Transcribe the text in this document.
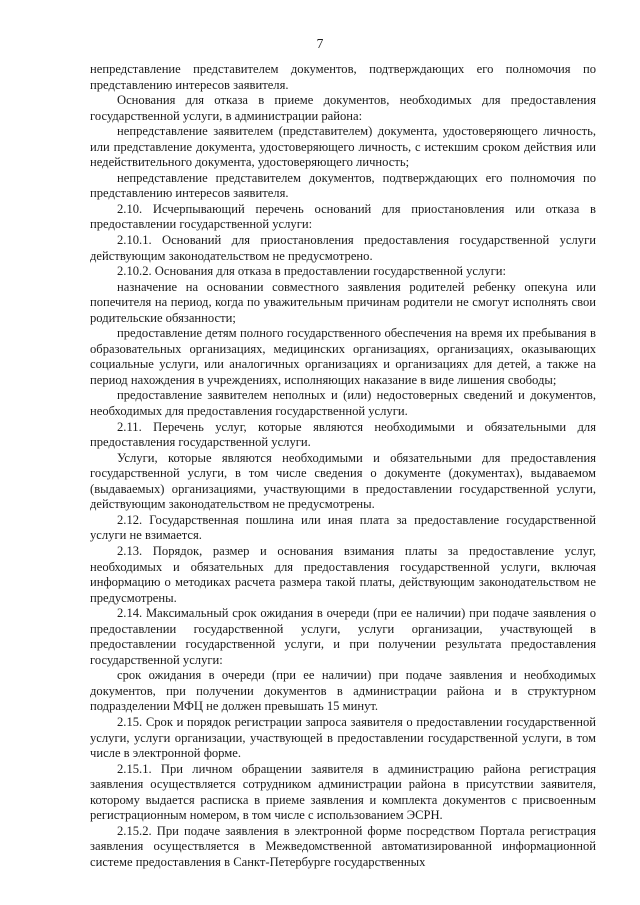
7

непредставление представителем документов, подтверждающих его полномочия по представлению интересов заявителя.

Основания для отказа в приеме документов, необходимых для предоставления государственной услуги, в администрации района:

непредставление заявителем (представителем) документа, удостоверяющего личность, или представление документа, удостоверяющего личность, с истекшим сроком действия или недействительного документа, удостоверяющего личность;

непредставление представителем документов, подтверждающих его полномочия по представлению интересов заявителя.

2.10. Исчерпывающий перечень оснований для приостановления или отказа в предоставлении государственной услуги:

2.10.1. Оснований для приостановления предоставления государственной услуги действующим законодательством не предусмотрено.

2.10.2. Основания для отказа в предоставлении государственной услуги:

назначение на основании совместного заявления родителей ребенку опекуна или попечителя на период, когда по уважительным причинам родители не смогут исполнять свои родительские обязанности;

предоставление детям полного государственного обеспечения на время их пребывания в образовательных организациях, медицинских организациях, организациях, оказывающих социальные услуги, или аналогичных организациях и организациях для детей, а также на период нахождения в учреждениях, исполняющих наказание в виде лишения свободы;

предоставление заявителем неполных и (или) недостоверных сведений и документов, необходимых для предоставления государственной услуги.

2.11. Перечень услуг, которые являются необходимыми и обязательными для предоставления государственной услуги.

Услуги, которые являются необходимыми и обязательными для предоставления государственной услуги, в том числе сведения о документе (документах), выдаваемом (выдаваемых) организациями, участвующими в предоставлении государственной услуги, действующим законодательством не предусмотрены.

2.12. Государственная пошлина или иная плата за предоставление государственной услуги не взимается.

2.13. Порядок, размер и основания взимания платы за предоставление услуг, необходимых и обязательных для предоставления государственной услуги, включая информацию о методиках расчета размера такой платы, действующим законодательством не предусмотрены.

2.14. Максимальный срок ожидания в очереди (при ее наличии) при подаче заявления о предоставлении государственной услуги, услуги организации, участвующей в предоставлении государственной услуги, и при получении результата предоставления государственной услуги:

срок ожидания в очереди (при ее наличии) при подаче заявления и необходимых документов, при получении документов в администрации района и в структурном подразделении МФЦ не должен превышать 15 минут.

2.15. Срок и порядок регистрации запроса заявителя о предоставлении государственной услуги, услуги организации, участвующей в предоставлении государственной услуги, в том числе в электронной форме.

2.15.1. При личном обращении заявителя в администрацию района регистрация заявления осуществляется сотрудником администрации района в присутствии заявителя, которому выдается расписка в приеме заявления и комплекта документов с присвоенным регистрационным номером, в том числе с использованием ЭСРН.

2.15.2. При подаче заявления в электронной форме посредством Портала регистрация заявления осуществляется в Межведомственной автоматизированной информационной системе предоставления в Санкт-Петербурге государственных
